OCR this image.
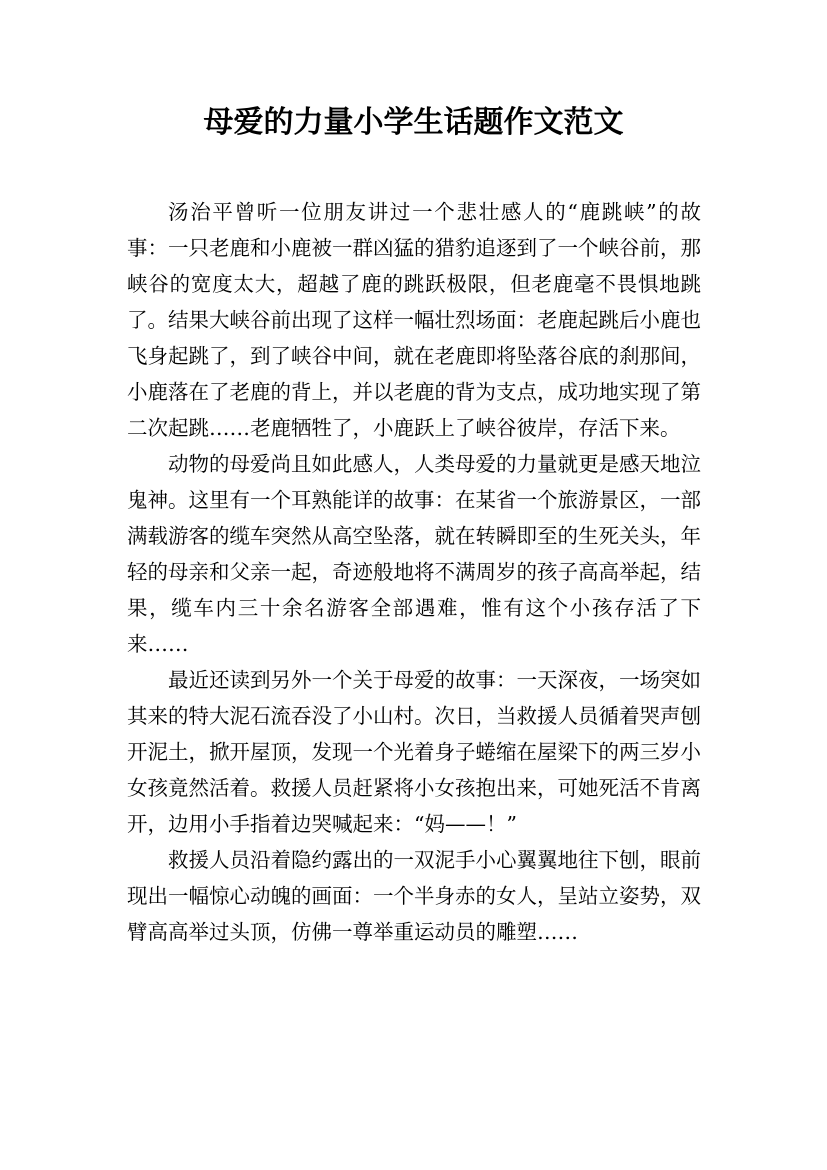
母爱的力量小学生话题作文范文

汤治平曾听一位朋友讲过一个悲壮感人的“鹿跳峡”的故事：一只老鹿和小鹿被一群凶猛的猎豹追逐到了一个峡谷前，那峡谷的宽度太大，超越了鹿的跳跃极限，但老鹿毫不畏惧地跳了。结果大峡谷前出现了这样一幅壮烈场面：老鹿起跳后小鹿也飞身起跳了，到了峡谷中间，就在老鹿即将坠落谷底的刹那间，小鹿落在了老鹿的背上，并以老鹿的背为支点，成功地实现了第二次起跳……老鹿牺牲了，小鹿跃上了峡谷彼岸，存活下来。

动物的母爱尚且如此感人，人类母爱的力量就更是感天地泣鬼神。这里有一个耳熟能详的故事：在某省一个旅游景区，一部满载游客的缆车突然从高空坠落，就在转瞬即至的生死关头，年轻的母亲和父亲一起，奇迹般地将不满周岁的孩子高高举起，结果，缆车内三十余名游客全部遇难，惟有这个小孩存活了下来……

最近还读到另外一个关于母爱的故事：一天深夜，一场突如其来的特大泥石流吞没了小山村。次日，当救援人员循着哭声刨开泥土，掀开屋顶，发现一个光着身子蜷缩在屋梁下的两三岁小女孩竟然活着。救援人员赶紧将小女孩抱出来，可她死活不肯离开，边用小手指着边哭喊起来：“妈——！”

救援人员沿着隐约露出的一双泥手小心翼翼地往下刨，眼前现出一幅惊心动魄的画面：一个半身赤的女人，呈站立姿势，双臂高高举过头顶，仿佛一尊举重运动员的雕塑……
